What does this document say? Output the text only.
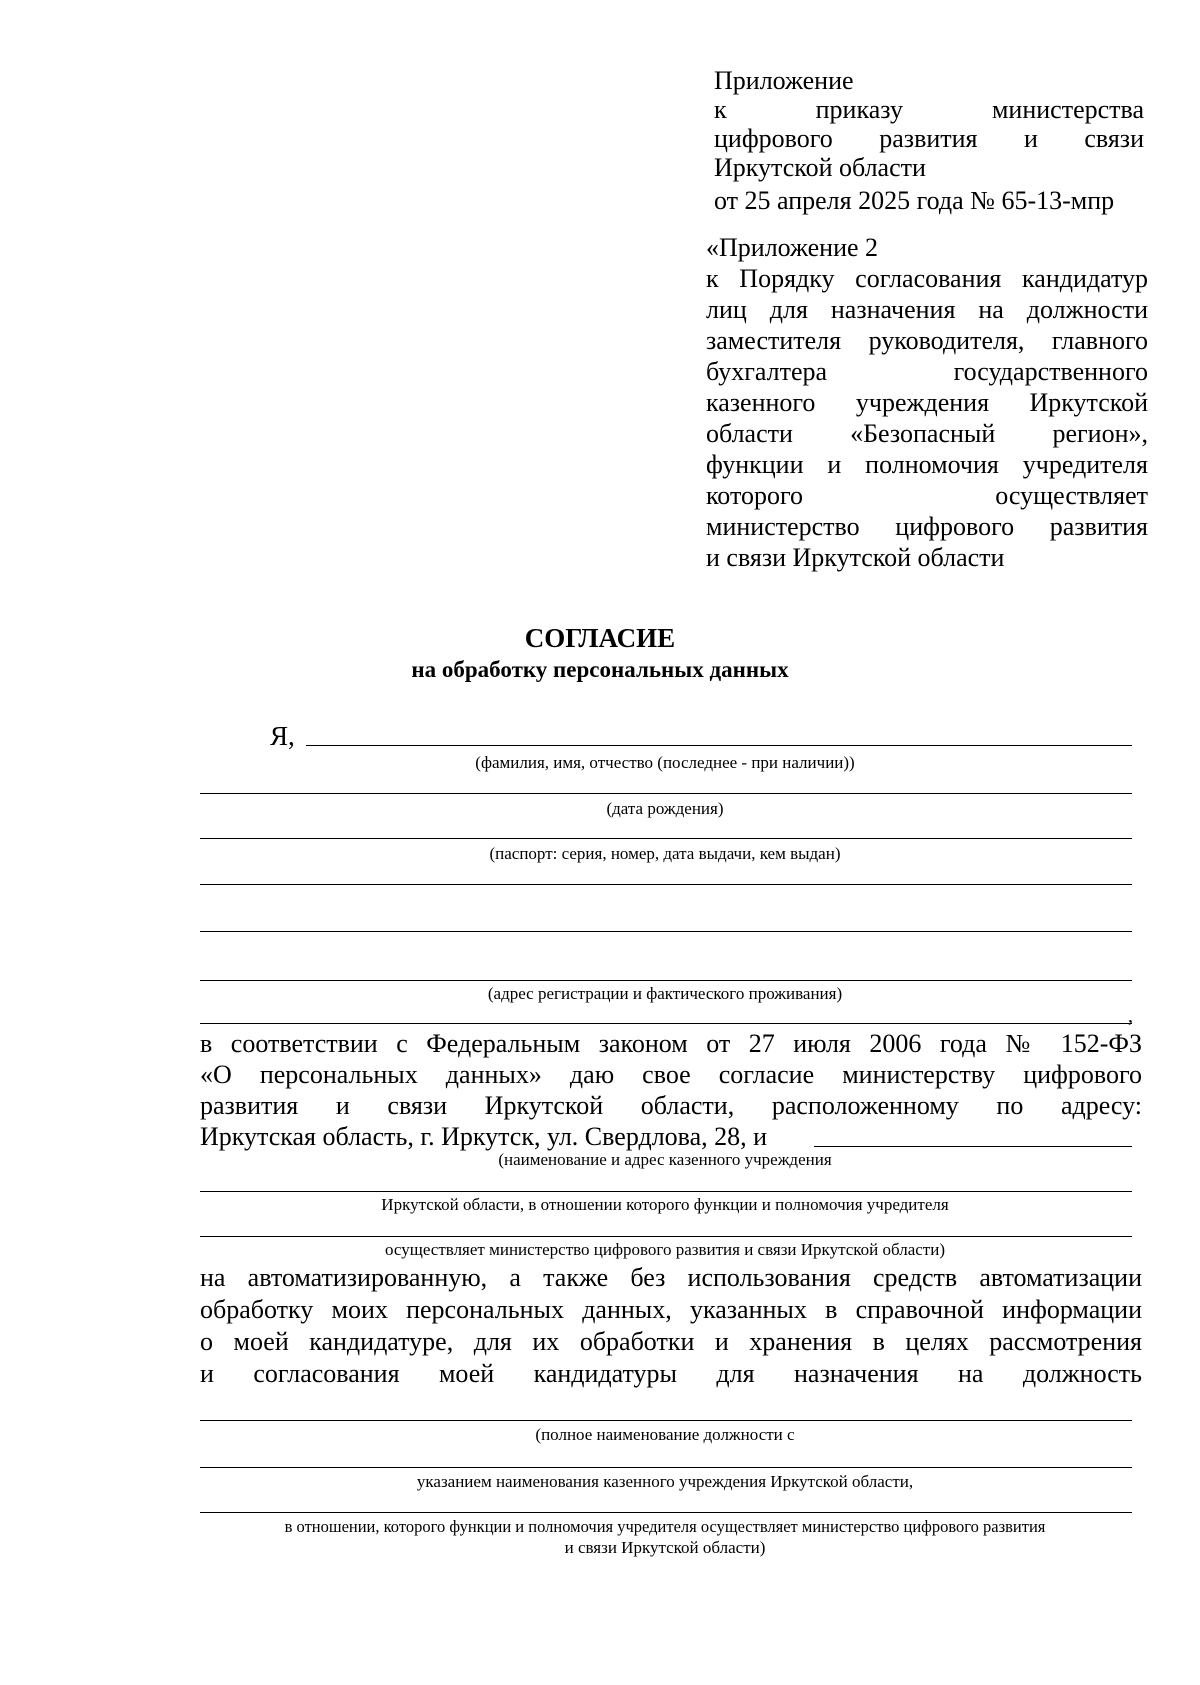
Приложение
к приказу министерства
цифрового развития и связи
Иркутской области
от 25 апреля 2025 года № 65-13-мпр
«Приложение 2
к Порядку согласования кандидатур
лиц для назначения на должности
заместителя руководителя, главного
бухгалтера государственного
казенного учреждения Иркутской
области «Безопасный регион»,
функции и полномочия учредителя
которого осуществляет
министерство цифрового развития
и связи Иркутской области
СОГЛАСИЕ
на обработку персональных данных
Я,
(фамилия, имя, отчество (последнее - при наличии))
(дата рождения)
(паспорт: серия, номер, дата выдачи, кем выдан)
(адрес регистрации и фактического проживания)
,
в соответствии с Федеральным законом от 27 июля 2006 года № 152-ФЗ
«О персональных данных» даю свое согласие министерству цифрового
развития и связи Иркутской области, расположенному по адресу:
Иркутская область, г. Иркутск, ул. Свердлова, 28, и
(наименование и адрес казенного учреждения
Иркутской области, в отношении которого функции и полномочия учредителя
осуществляет министерство цифрового развития и связи Иркутской области)
на автоматизированную, а также без использования средств автоматизации
обработку моих персональных данных, указанных в справочной информации
о моей кандидатуре, для их обработки и хранения в целях рассмотрения
и согласования моей кандидатуры для назначения на должность
(полное наименование должности с
указанием наименования казенного учреждения Иркутской области,
в отношении, которого функции и полномочия учредителя осуществляет министерство цифрового развития
и связи Иркутской области)
